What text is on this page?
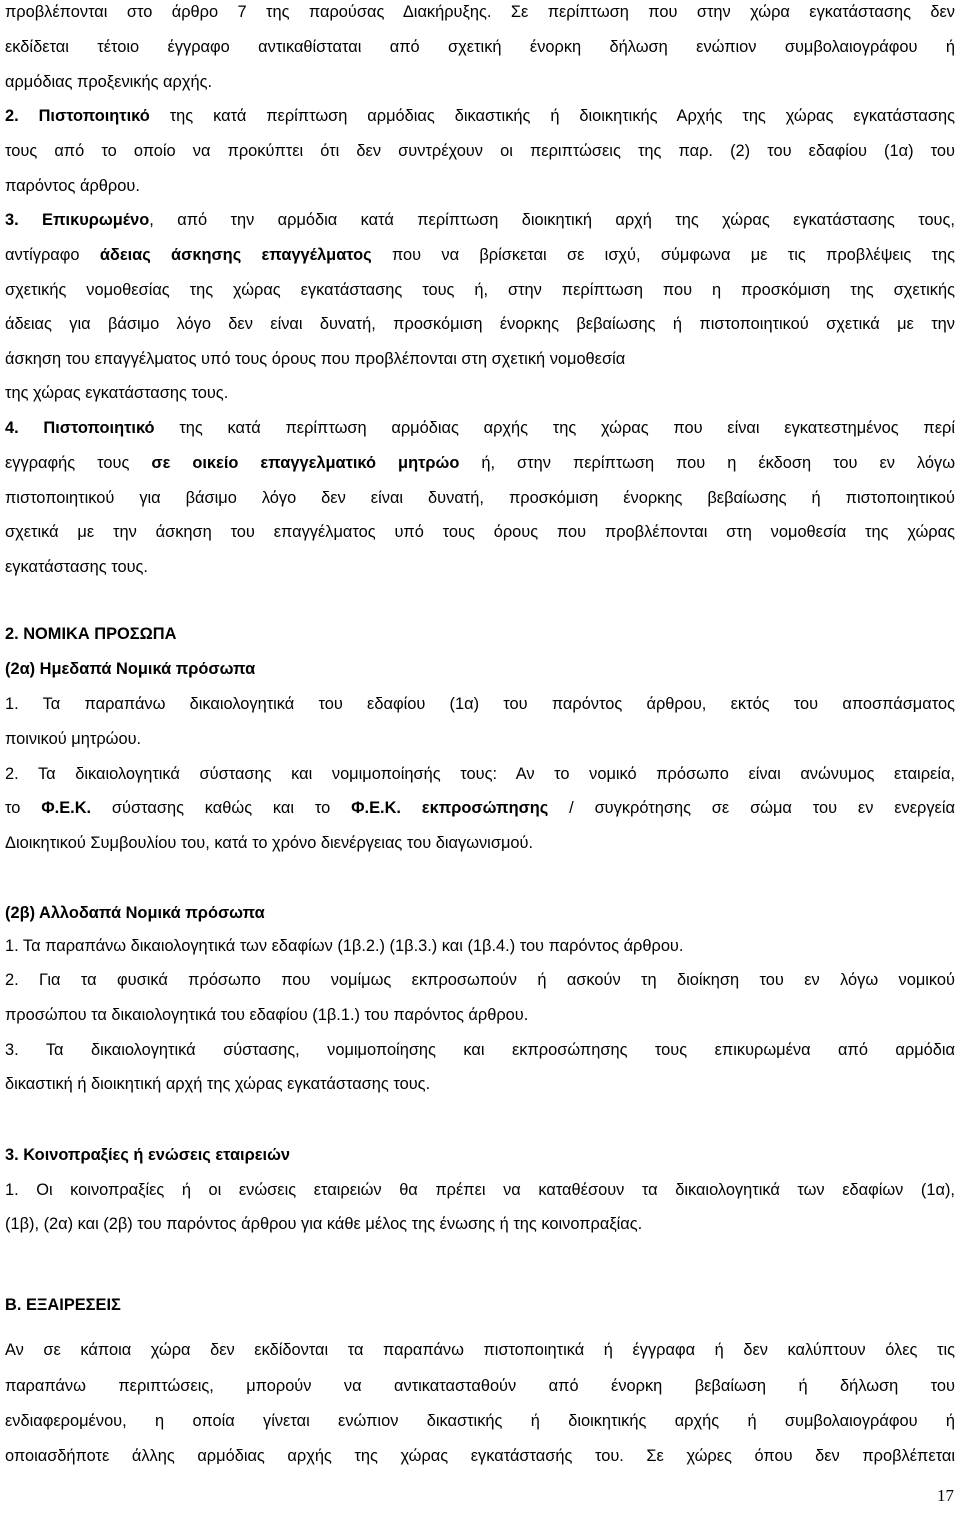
προβλέπονται στο άρθρο 7 της παρούσας Διακήρυξης. Σε περίπτωση που στην χώρα εγκατάστασης δεν
εκδίδεται τέτοιο έγγραφο αντικαθίσταται από σχετική ένορκη δήλωση ενώπιον συμβολαιογράφου ή
αρμόδιας προξενικής αρχής.
2. Πιστοποιητικό της κατά περίπτωση αρμόδιας δικαστικής ή διοικητικής Αρχής της χώρας εγκατάστασης
τους από το οποίο να προκύπτει ότι δεν συντρέχουν οι περιπτώσεις της παρ. (2) του εδαφίου (1α) του
παρόντος άρθρου.
3. Επικυρωμένο, από την αρμόδια κατά περίπτωση διοικητική αρχή της χώρας εγκατάστασης τους,
αντίγραφο άδειας άσκησης επαγγέλματος που να βρίσκεται σε ισχύ, σύμφωνα με τις προβλέψεις της
σχετικής νομοθεσίας της χώρας εγκατάστασης τους ή, στην περίπτωση που η προσκόμιση της σχετικής
άδειας για βάσιμο λόγο δεν είναι δυνατή, προσκόμιση ένορκης βεβαίωσης ή πιστοποιητικού σχετικά με την
άσκηση του επαγγέλματος υπό τους όρους που προβλέπονται στη σχετική νομοθεσία
της χώρας εγκατάστασης τους.
4. Πιστοποιητικό της κατά περίπτωση αρμόδιας αρχής της χώρας που είναι εγκατεστημένος περί
εγγραφής τους σε οικείο επαγγελματικό μητρώο ή, στην περίπτωση που η έκδοση του εν λόγω
πιστοποιητικού για βάσιμο λόγο δεν είναι δυνατή, προσκόμιση ένορκης βεβαίωσης ή πιστοποιητικού
σχετικά με την άσκηση του επαγγέλματος υπό τους όρους που προβλέπονται στη νομοθεσία της χώρας
εγκατάστασης τους.
2. ΝΟΜΙΚΑ ΠΡΟΣΩΠΑ
(2α) Ημεδαπά Νομικά πρόσωπα
1. Τα παραπάνω δικαιολογητικά του εδαφίου (1α) του παρόντος άρθρου, εκτός του αποσπάσματος
ποινικού μητρώου.
2. Τα δικαιολογητικά σύστασης και νομιμοποίησής τους: Αν το νομικό πρόσωπο είναι ανώνυμος εταιρεία,
το Φ.Ε.Κ. σύστασης καθώς και το Φ.Ε.Κ. εκπροσώπησης / συγκρότησης σε σώμα του εν ενεργεία
Διοικητικού Συμβουλίου του, κατά το χρόνο διενέργειας του διαγωνισμού.
(2β) Αλλοδαπά Νομικά πρόσωπα
1. Τα παραπάνω δικαιολογητικά των εδαφίων (1β.2.) (1β.3.) και (1β.4.) του παρόντος άρθρου.
2. Για τα φυσικά πρόσωπο που νομίμως εκπροσωπούν ή ασκούν τη διοίκηση του εν λόγω νομικού
προσώπου τα δικαιολογητικά του εδαφίου (1β.1.) του παρόντος άρθρου.
3. Τα δικαιολογητικά σύστασης, νομιμοποίησης και εκπροσώπησης τους επικυρωμένα από αρμόδια
δικαστική ή διοικητική αρχή της χώρας εγκατάστασης τους.
3. Κοινοπραξίες ή ενώσεις εταιρειών
1. Οι κοινοπραξίες ή οι ενώσεις εταιρειών θα πρέπει να καταθέσουν τα δικαιολογητικά των εδαφίων (1α),
(1β), (2α) και (2β) του παρόντος άρθρου για κάθε μέλος της ένωσης ή της κοινοπραξίας.
Β. ΕΞΑΙΡΕΣΕΙΣ
Αν σε κάποια χώρα δεν εκδίδονται τα παραπάνω πιστοποιητικά ή έγγραφα ή δεν καλύπτουν όλες τις
παραπάνω περιπτώσεις, μπορούν να αντικατασταθούν από ένορκη βεβαίωση ή δήλωση του
ενδιαφερομένου, η οποία γίνεται ενώπιον δικαστικής ή διοικητικής αρχής ή συμβολαιογράφου ή
οποιασδήποτε άλλης αρμόδιας αρχής της χώρας εγκατάστασής του. Σε χώρες όπου δεν προβλέπεται
17
